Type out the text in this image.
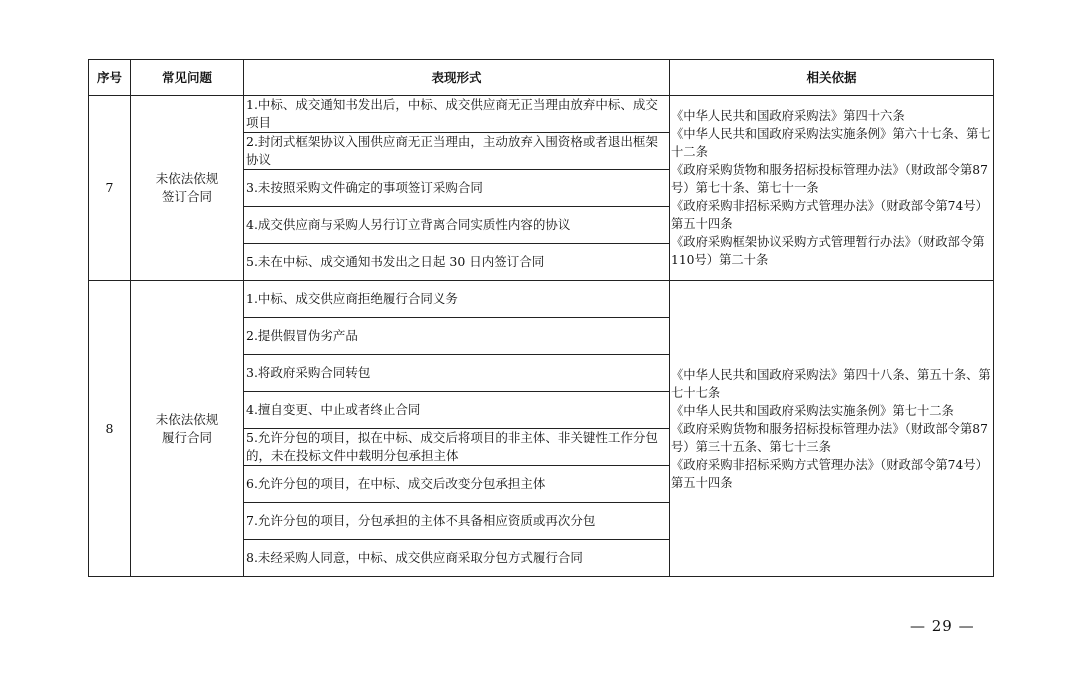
序号	常见问题	表现形式	相关依据
7	未依法依规
签订合同	1.中标、成交通知书发出后，中标、成交供应商无正当理由放弃中标、成交项目	《中华人民共和国政府采购法》第四十六条
《中华人民共和国政府采购法实施条例》第六十七条、第七十二条
《政府采购货物和服务招标投标管理办法》（财政部令第87号）第七十条、第七十一条
《政府采购非招标采购方式管理办法》（财政部令第74号）第五十四条
《政府采购框架协议采购方式管理暂行办法》（财政部令第110号）第二十条
		2.封闭式框架协议入围供应商无正当理由，主动放弃入围资格或者退出框架协议	
		3.未按照采购文件确定的事项签订采购合同	
		4.成交供应商与采购人另行订立背离合同实质性内容的协议	
		5.未在中标、成交通知书发出之日起 30 日内签订合同	
8	未依法依规
履行合同	1.中标、成交供应商拒绝履行合同义务	《中华人民共和国政府采购法》第四十八条、第五十条、第七十七条
《中华人民共和国政府采购法实施条例》第七十二条
《政府采购货物和服务招标投标管理办法》（财政部令第87号）第三十五条、第七十三条
《政府采购非招标采购方式管理办法》（财政部令第74号）第五十四条
		2.提供假冒伪劣产品	
		3.将政府采购合同转包	
		4.擅自变更、中止或者终止合同	
		5.允许分包的项目，拟在中标、成交后将项目的非主体、非关键性工作分包的，未在投标文件中载明分包承担主体	
		6.允许分包的项目，在中标、成交后改变分包承担主体	
		7.允许分包的项目，分包承担的主体不具备相应资质或再次分包	
		8.未经采购人同意，中标、成交供应商采取分包方式履行合同	
— 29 —
